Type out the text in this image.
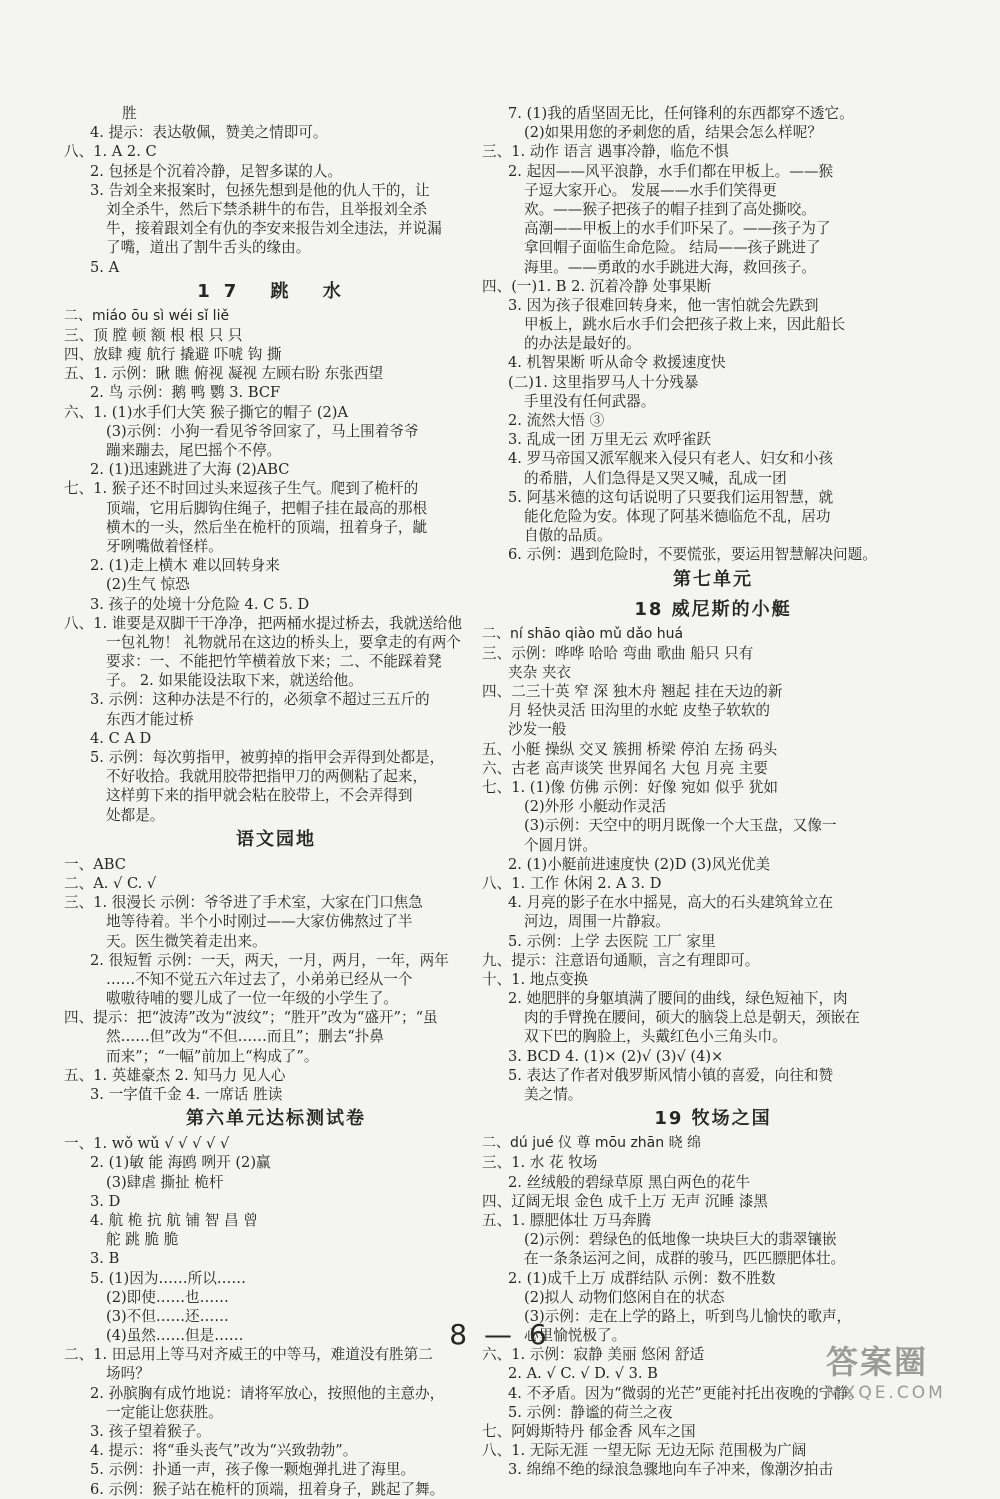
胜
4. 提示：表达敬佩，赞美之情即可。
八、1. A 2. C
2. 包拯是个沉着冷静，足智多谋的人。
3. 告刘全来报案时，包拯先想到是他的仇人干的，让
刘全杀牛，然后下禁杀耕牛的布告，且举报刘全杀
牛，接着跟刘全有仇的李安来报告刘全违法，并说漏
了嘴，道出了割牛舌头的缘由。
5. A
17 跳 水
二、miáo ōu sì wéi sǐ liě
三、顶 膛 顿 额 根 根 只 只
四、放肆 瘦 航行 撬避 吓唬 钩 撕
五、1. 示例：瞅 瞧 俯视 凝视 左顾右盼 东张西望
2. 鸟 示例：鹅 鸭 鹦 3. BCF
六、1. (1)水手们大笑 猴子撕它的帽子 (2)A
(3)示例：小狗一看见爷爷回家了，马上围着爷爷
蹦来蹦去，尾巴摇个不停。
2. (1)迅速跳进了大海 (2)ABC
七、1. 猴子还不时回过头来逗孩子生气。爬到了桅杆的
顶端，它用后脚钩住绳子，把帽子挂在最高的那根
横木的一头，然后坐在桅杆的顶端，扭着身子，龇
牙咧嘴做着怪样。
2. (1)走上横木 难以回转身来
(2)生气 惊恐
3. 孩子的处境十分危险 4. C 5. D
八、1. 谁要是双脚干干净净，把两桶水提过桥去，我就送给他
一包礼物！ 礼物就吊在这边的桥头上，要拿走的有两个
要求：一、不能把竹竿横着放下来；二、不能踩着凳
子。 2. 如果能设法取下来，就送给他。
3. 示例：这种办法是不行的，必须拿不超过三五斤的
东西才能过桥
4. C A D
5. 示例：每次剪指甲，被剪掉的指甲会弄得到处都是，
不好收拾。我就用胶带把指甲刀的两侧粘了起来，
这样剪下来的指甲就会粘在胶带上，不会弄得到
处都是。
语文园地
一、ABC
二、A. √ C. √
三、1. 很漫长 示例：爷爷进了手术室，大家在门口焦急
地等待着。半个小时刚过——大家仿佛熬过了半
天。医生微笑着走出来。
2. 很短暂 示例：一天，两天，一月，两月，一年，两年
……不知不觉五六年过去了，小弟弟已经从一个
嗷嗷待哺的婴儿成了一位一年级的小学生了。
四、提示：把“波涛”改为“波纹”；“胜开”改为“盛开”；“虽
然……但”改为“不但……而且”；删去“扑鼻
而来”；“一幅”前加上“构成了”。
五、1. 英雄豪杰 2. 知马力 见人心
3. 一字值千金 4. 一席话 胜读
第六单元达标测试卷
一、1. wǒ wǔ √ √ √ √ √
2. (1)敏 能 海鸥 咧开 (2)赢
(3)肆虐 撕扯 桅杆
3. D
4. 航 桅 抗 航 铺 智 昌 曾
舵 跳 脆 脆
3. B
5. (1)因为……所以……
(2)即使……也……
(3)不但……还……
(4)虽然……但是……
二、1. 田忌用上等马对齐威王的中等马，难道没有胜第二
场吗？
2. 孙膑胸有成竹地说：请将军放心，按照他的主意办，
一定能让您获胜。
3. 孩子望着猴子。
4. 提示：将“垂头丧气”改为“兴致勃勃”。
5. 示例：扑通一声，孩子像一颗炮弹扎进了海里。
6. 示例：猴子站在桅杆的顶端，扭着身子，跳起了舞。
7. (1)我的盾坚固无比，任何锋利的东西都穿不透它。
(2)如果用您的矛刺您的盾，结果会怎么样呢？
三、1. 动作 语言 遇事冷静，临危不惧
2. 起因——风平浪静，水手们都在甲板上。——猴
子逗大家开心。 发展——水手们笑得更
欢。——猴子把孩子的帽子挂到了高处撕咬。
高潮——甲板上的水手们吓呆了。——孩子为了
拿回帽子面临生命危险。 结局——孩子跳进了
海里。——勇敢的水手跳进大海，救回孩子。
四、(一)1. B 2. 沉着冷静 处事果断
3. 因为孩子很难回转身来，他一害怕就会先跌到
甲板上，跳水后水手们会把孩子救上来，因此船长
的办法是最好的。
4. 机智果断 听从命令 救援速度快
(二)1. 这里指罗马人十分残暴
手里没有任何武器。
2. 流然大悟 ③
3. 乱成一团 万里无云 欢呼雀跃
4. 罗马帝国又派军舰来入侵只有老人、妇女和小孩
的希腊，人们急得是又哭又喊，乱成一团
5. 阿基米德的这句话说明了只要我们运用智慧，就
能化危险为安。体现了阿基米德临危不乱，居功
自傲的品质。
6. 示例：遇到危险时，不要慌张，要运用智慧解决问题。
第七单元
18 威尼斯的小艇
二、ní shāo qiào mǔ dǎo huá
三、示例：哗哗 哈哈 弯曲 歌曲 船只 只有
夹杂 夹衣
四、二三十英 窄 深 独木舟 翘起 挂在天边的新
月 轻快灵活 田沟里的水蛇 皮垫子软软的
沙发一般
五、小艇 操纵 交叉 簇拥 桥梁 停泊 左扬 码头
六、古老 高声谈笑 世界闻名 大包 月亮 主要
七、1. (1)像 仿佛 示例：好像 宛如 似乎 犹如
(2)外形 小艇动作灵活
(3)示例：天空中的明月既像一个大玉盘，又像一
个圆月饼。
2. (1)小艇前进速度快 (2)D (3)风光优美
八、1. 工作 休闲 2. A 3. D
4. 月亮的影子在水中摇晃，高大的石头建筑耸立在
河边，周围一片静寂。
5. 示例：上学 去医院 工厂 家里
九、提示：注意语句通顺，言之有理即可。
十、1. 地点变换
2. 她肥胖的身躯填满了腰间的曲线，绿色短袖下，肉
肉的手臂挽在腰间，硕大的脑袋上总是朝天，颈嵌在
双下巴的胸脸上，头戴红色小三角头巾。
3. BCD 4. (1)× (2)√ (3)√ (4)×
5. 表达了作者对俄罗斯风情小镇的喜爱，向往和赞
美之情。
19 牧场之国
二、dú jué 仪 尊 mōu zhān 晓 绵
三、1. 水 花 牧场
2. 丝绒般的碧绿草原 黑白两色的花牛
四、辽阔无垠 金色 成千上万 无声 沉睡 漆黑
五、1. 膘肥体壮 万马奔腾
(2)示例：碧绿色的低地像一块块巨大的翡翠镶嵌
在一条条运河之间，成群的骏马，匹匹膘肥体壮。
2. (1)成千上万 成群结队 示例：数不胜数
(2)拟人 动物们悠闲自在的状态
(3)示例：走在上学的路上，听到鸟儿愉快的歌声，
心里愉悦极了。
六、1. 示例：寂静 美丽 悠闲 舒适
2. A. √ C. √ D. √ 3. B
4. 不矛盾。因为“微弱的光芒”更能衬托出夜晚的宁静。
5. 示例：静谧的荷兰之夜
七、阿姆斯特丹 郁金香 风车之国
八、1. 无际无涯 一望无际 无边无际 范围极为广阔
3. 绵绵不绝的绿浪急骤地向车子冲来，像潮汐拍击
8 — 6
答案圈
MXQE.COM
